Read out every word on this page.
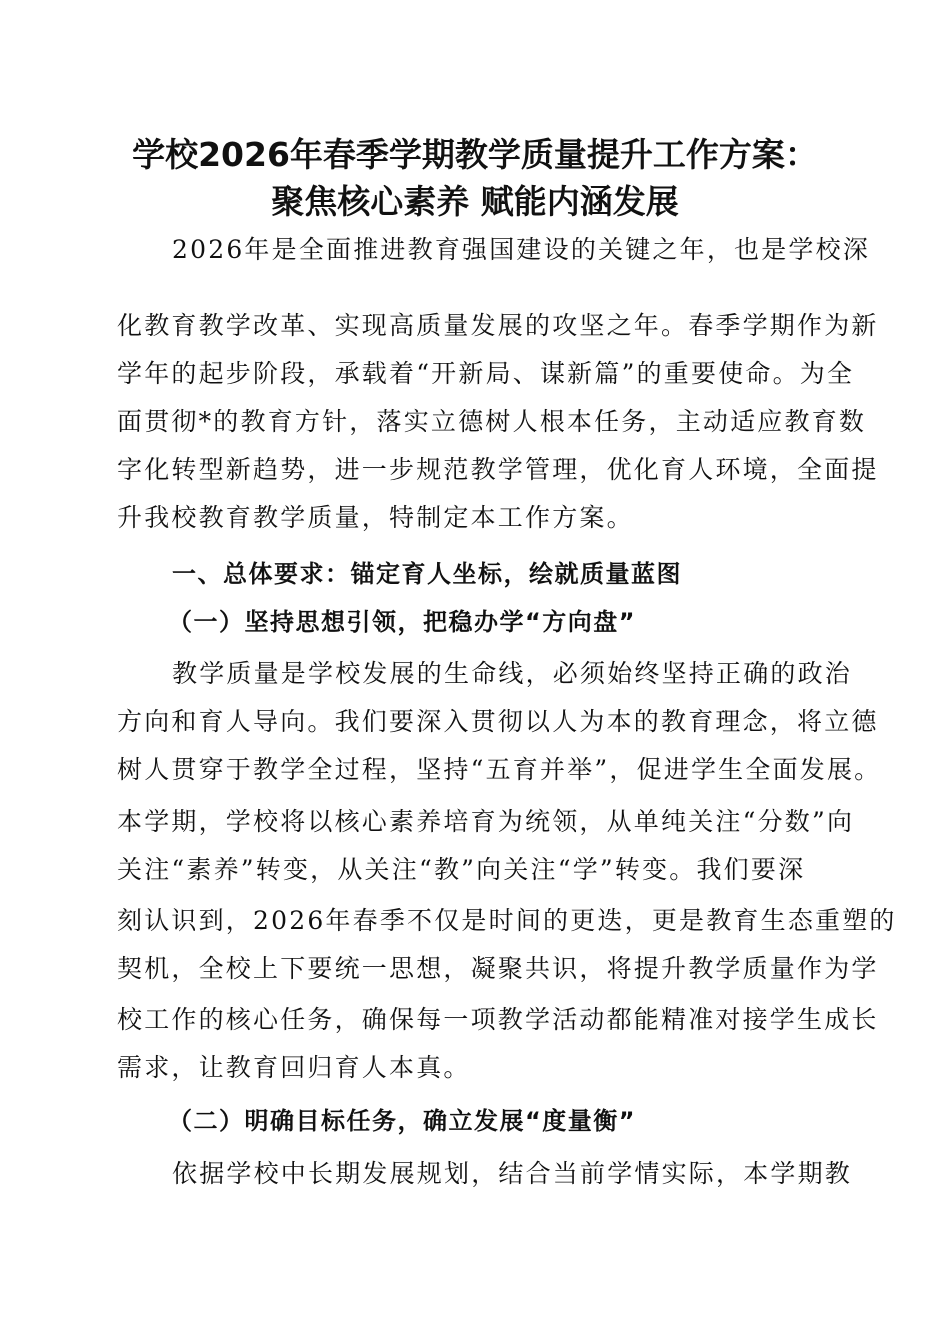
学校2026年春季学期教学质量提升工作方案：
聚焦核心素养 赋能内涵发展
2026年是全面推进教育强国建设的关键之年，也是学校深
化教育教学改革、实现高质量发展的攻坚之年。春季学期作为新
学年的起步阶段，承载着“开新局、谋新篇”的重要使命。为全
面贯彻*的教育方针，落实立德树人根本任务，主动适应教育数
字化转型新趋势，进一步规范教学管理，优化育人环境，全面提
升我校教育教学质量，特制定本工作方案。
一、总体要求：锚定育人坐标，绘就质量蓝图
（一）坚持思想引领，把稳办学“方向盘”
教学质量是学校发展的生命线，必须始终坚持正确的政治
方向和育人导向。我们要深入贯彻以人为本的教育理念，将立德
树人贯穿于教学全过程，坚持“五育并举”，促进学生全面发展。
本学期，学校将以核心素养培育为统领，从单纯关注“分数”向
关注“素养”转变，从关注“教”向关注“学”转变。我们要深
刻认识到，2026年春季不仅是时间的更迭，更是教育生态重塑的
契机，全校上下要统一思想，凝聚共识，将提升教学质量作为学
校工作的核心任务，确保每一项教学活动都能精准对接学生成长
需求，让教育回归育人本真。
（二）明确目标任务，确立发展“度量衡”
依据学校中长期发展规划，结合当前学情实际，本学期教
